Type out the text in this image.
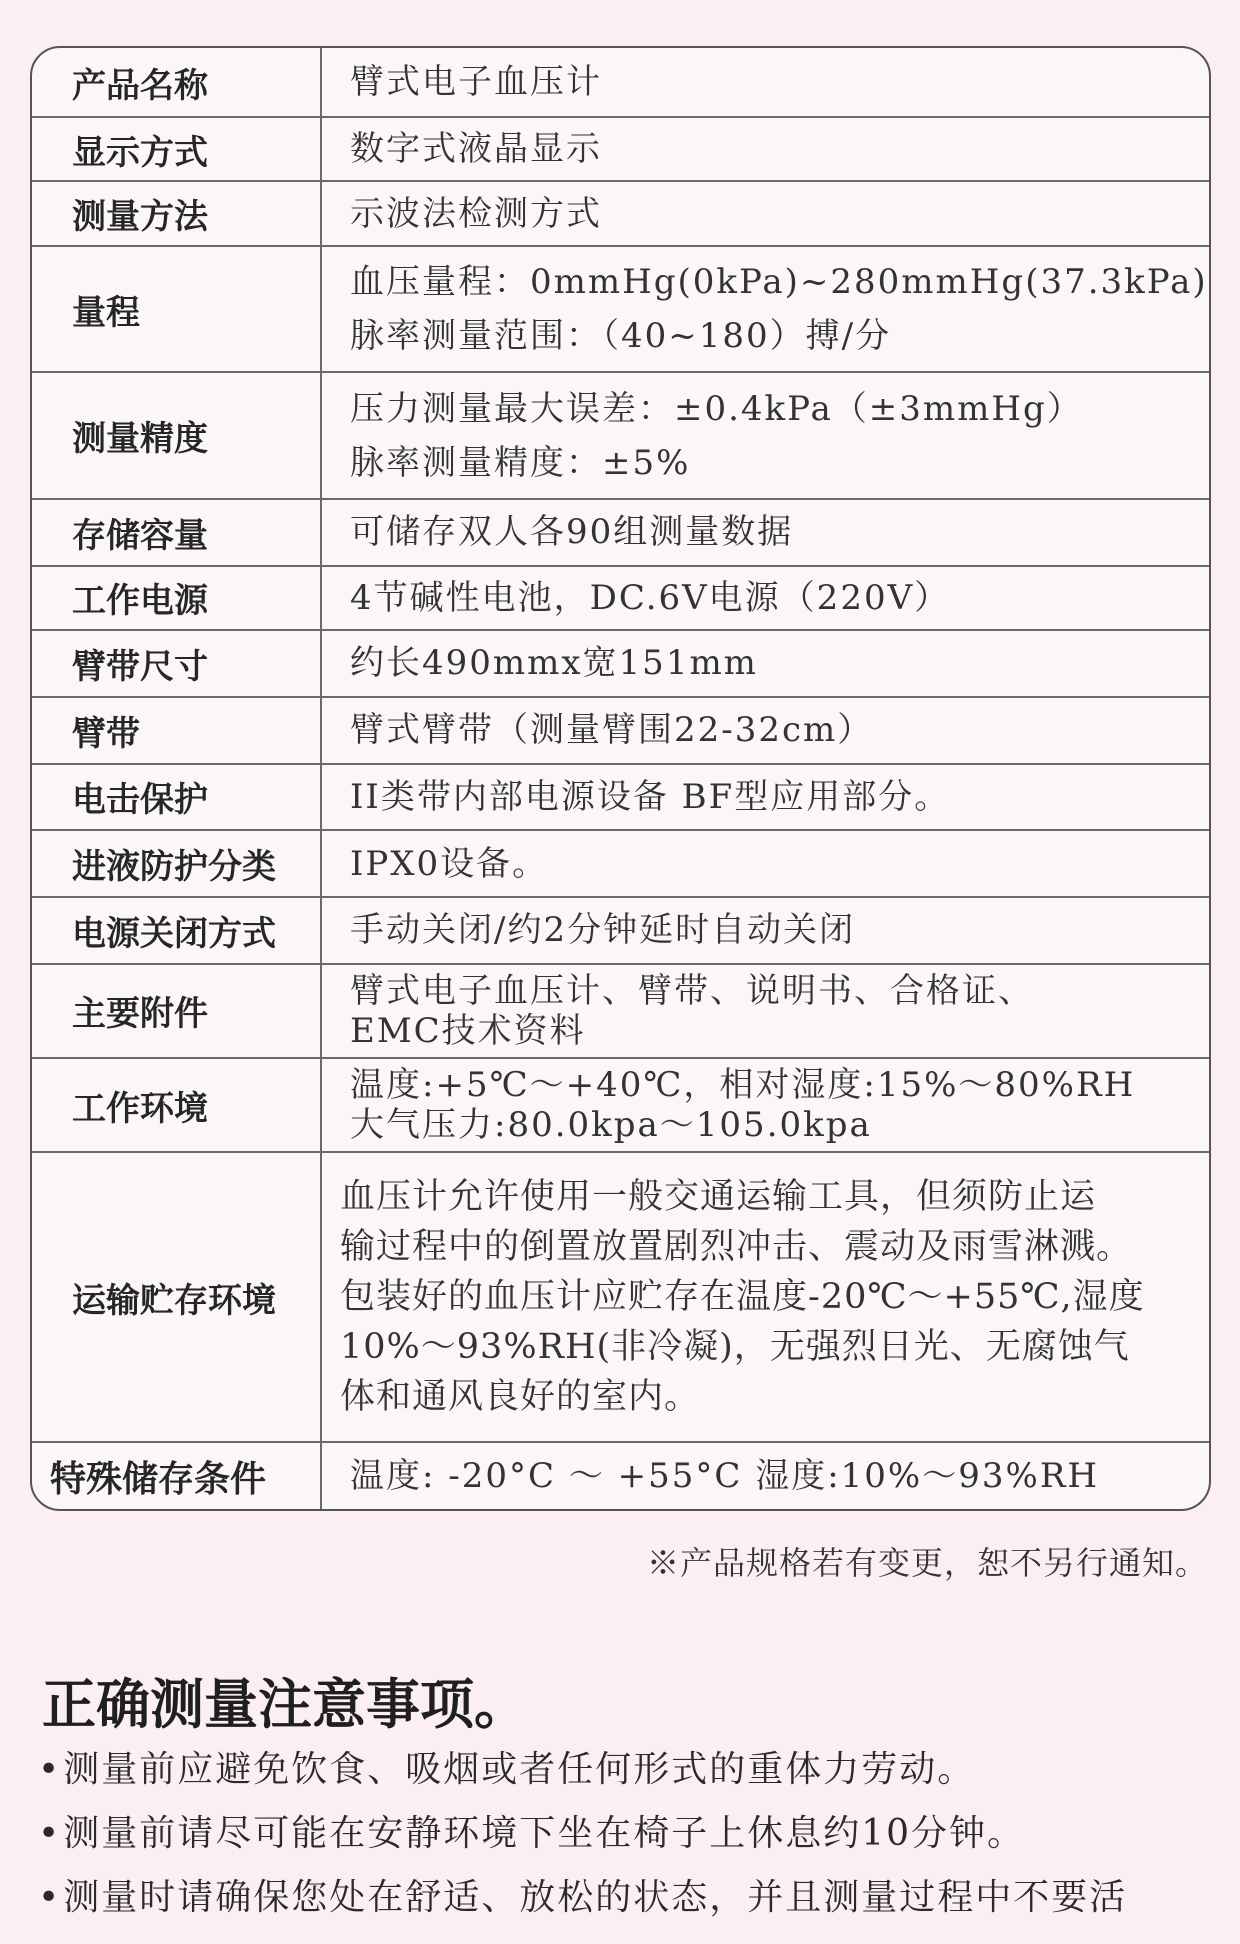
产品名称	臂式电子血压计

显示方式	数字式液晶显示

测量方法	示波法检测方式

量程	血压量程：0mmHg(0kPa)~280mmHg(37.3kPa)
脉率测量范围：（40~180）搏/分

测量精度	压力测量最大误差：±0.4kPa（±3mmHg）
脉率测量精度：±5%

存储容量	可储存双人各90组测量数据

工作电源	4节碱性电池，DC.6V电源（220V）

臂带尺寸	约长490mmx宽151mm

臂带	臂式臂带（测量臂围22-32cm）

电击保护	II类带内部电源设备 BF型应用部分。

进液防护分类	IPX0设备。

电源关闭方式	手动关闭/约2分钟延时自动关闭

主要附件	臂式电子血压计、臂带、说明书、合格证、
EMC技术资料

工作环境	温度:+5℃～+40℃，相对湿度:15%～80%RH
大气压力:80.0kpa～105.0kpa

运输贮存环境	血压计允许使用一般交通运输工具，但须防止运
输过程中的倒置放置剧烈冲击、震动及雨雪淋溅。
包装好的血压计应贮存在温度-20℃～+55℃,湿度
10%～93%RH(非冷凝)，无强烈日光、无腐蚀气
体和通风良好的室内。

特殊储存条件	温度: -20°C ～ +55°C 湿度:10%～93%RH
※产品规格若有变更，恕不另行通知。
正确测量注意事项。
•测量前应避免饮食、吸烟或者任何形式的重体力劳动。
•测量前请尽可能在安静环境下坐在椅子上休息约10分钟。
•测量时请确保您处在舒适、放松的状态，并且测量过程中不要活
